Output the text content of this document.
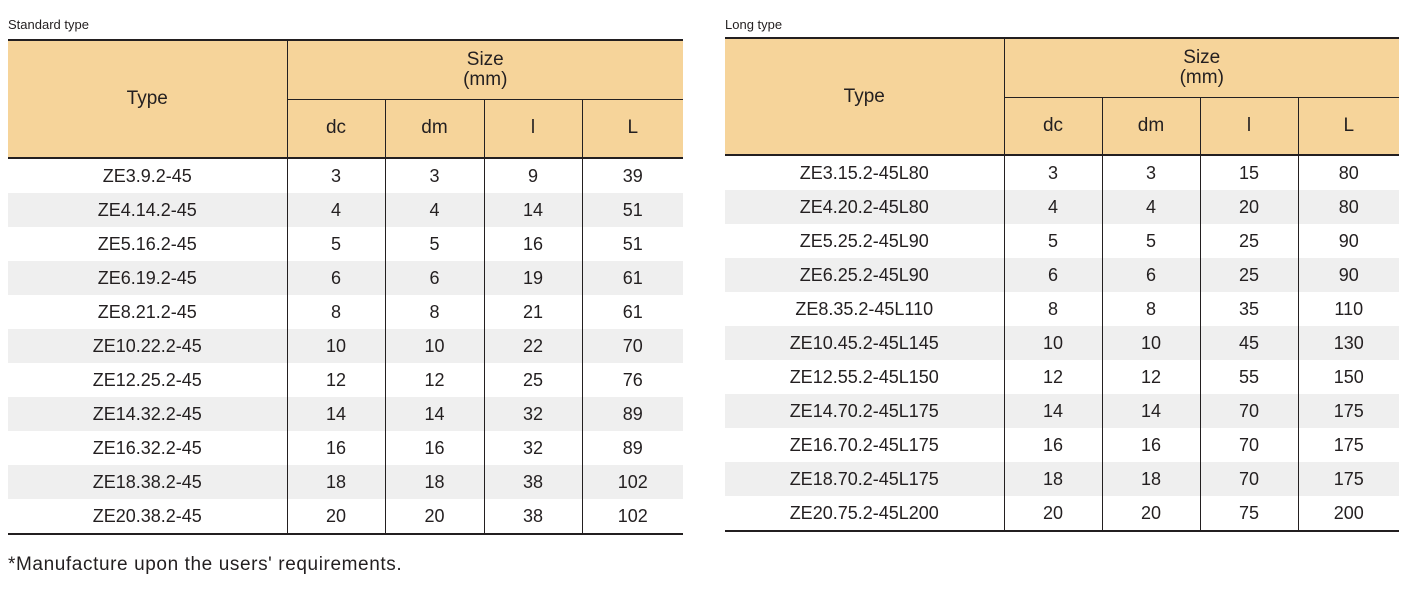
Standard type
Type	Size
(mm)			

	dc	dm	l	L
ZE3.9.2-45	3	3	9	39
ZE4.14.2-45	4	4	14	51
ZE5.16.2-45	5	5	16	51
ZE6.19.2-45	6	6	19	61
ZE8.21.2-45	8	8	21	61
ZE10.22.2-45	10	10	22	70
ZE12.25.2-45	12	12	25	76
ZE14.32.2-45	14	14	32	89
ZE16.32.2-45	16	16	32	89
ZE18.38.2-45	18	18	38	102
ZE20.38.2-45	20	20	38	102
Long type
Type	Size
(mm)			

	dc	dm	l	L
ZE3.15.2-45L80	3	3	15	80
ZE4.20.2-45L80	4	4	20	80
ZE5.25.2-45L90	5	5	25	90
ZE6.25.2-45L90	6	6	25	90
ZE8.35.2-45L110	8	8	35	110
ZE10.45.2-45L145	10	10	45	130
ZE12.55.2-45L150	12	12	55	150
ZE14.70.2-45L175	14	14	70	175
ZE16.70.2-45L175	16	16	70	175
ZE18.70.2-45L175	18	18	70	175
ZE20.75.2-45L200	20	20	75	200
*Manufacture upon the users' requirements.
